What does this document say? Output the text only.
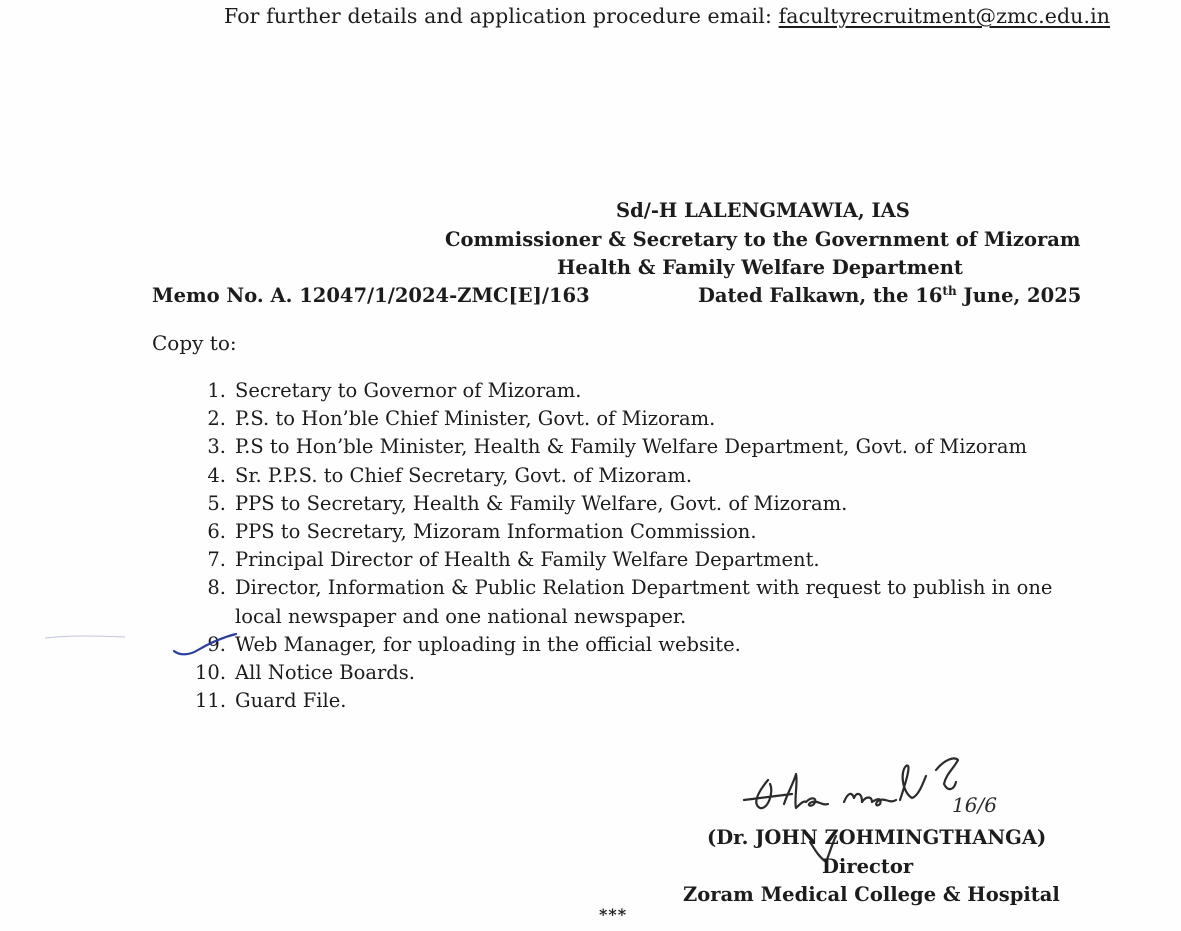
For further details and application procedure email: facultyrecruitment@zmc.edu.in
Sd/-H LALENGMAWIA, IAS
Commissioner & Secretary to the Government of Mizoram
Health & Family Welfare Department
Memo No. A. 12047/1/2024-ZMC[E]/163	Dated Falkawn, the 16th June, 2025
Copy to:
1. Secretary to Governor of Mizoram.
2. P.S. to Hon’ble Chief Minister, Govt. of Mizoram.
3. P.S to Hon’ble Minister, Health & Family Welfare Department, Govt. of Mizoram
4. Sr. P.P.S. to Chief Secretary, Govt. of Mizoram.
5. PPS to Secretary, Health & Family Welfare, Govt. of Mizoram.
6. PPS to Secretary, Mizoram Information Commission.
7. Principal Director of Health & Family Welfare Department.
8. Director, Information & Public Relation Department with request to publish in one local newspaper and one national newspaper.
9. Web Manager, for uploading in the official website.
10. All Notice Boards.
11. Guard File.
16/6
(Dr. JOHN ZOHMINGTHANGA)
Director
Zoram Medical College & Hospital
***
